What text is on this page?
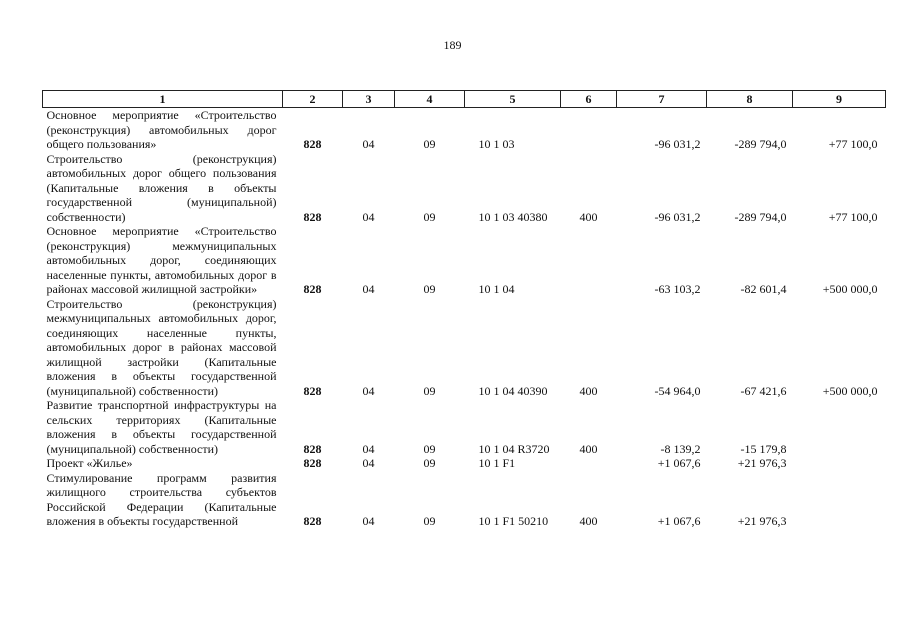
189
1	2	3	4	5	6	7	8	9
Основное мероприятие «Строительство (реконструкция) автомобильных дорог общего пользования»	828	04	09	10 1 03		-96 031,2	-289 794,0	+77 100,0
Строительство (реконструкция) автомобильных дорог общего пользования (Капитальные вложения в объекты государственной (муниципальной) собственности)	828	04	09	10 1 03 40380	400	-96 031,2	-289 794,0	+77 100,0
Основное мероприятие «Строительство (реконструкция) межмуниципальных автомобильных дорог, соединяющих населенные пункты, автомобильных дорог в районах массовой жилищной застройки»	828	04	09	10 1 04		-63 103,2	-82 601,4	+500 000,0
Строительство (реконструкция) межмуниципальных автомобильных дорог, соединяющих населенные пункты, автомобильных дорог в районах массовой жилищной застройки (Капитальные вложения в объекты государственной (муниципальной) собственности)	828	04	09	10 1 04 40390	400	-54 964,0	-67 421,6	+500 000,0
Развитие транспортной инфраструктуры на сельских территориях (Капитальные вложения в объекты государственной (муниципальной) собственности)	828	04	09	10 1 04 R3720	400	-8 139,2	-15 179,8	
Проект «Жилье»	828	04	09	10 1 F1		+1 067,6	+21 976,3	
Стимулирование программ развития жилищного строительства субъектов Российской Федерации (Капитальные вложения в объекты государственной	828	04	09	10 1 F1 50210	400	+1 067,6	+21 976,3	
